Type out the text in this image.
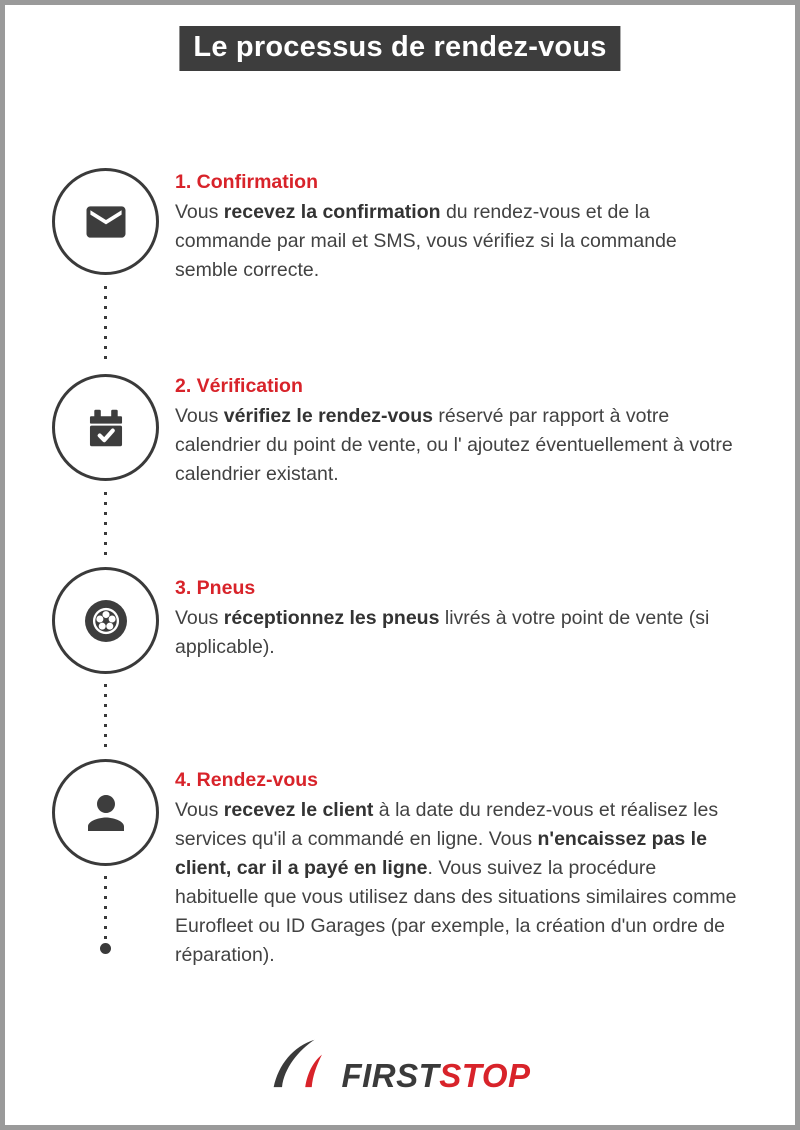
Le processus de rendez-vous
1. Confirmation

Vous recevez la confirmation du rendez-vous et de la commande par mail et SMS, vous vérifiez si la commande semble correcte.

2. Vérification

Vous vérifiez le rendez-vous réservé par rapport à votre calendrier du point de vente, ou l' ajoutez éventuellement à votre calendrier existant.

3. Pneus

Vous réceptionnez les pneus livrés à votre point de vente (si applicable).

4. Rendez-vous

Vous recevez le client à la date du rendez-vous et réalisez les services qu'il a commandé en ligne. Vous n'encaissez pas le client, car il a payé en ligne. Vous suivez la procédure habituelle que vous utilisez dans des situations similaires comme Eurofleet ou ID Garages (par exemple, la création d'un ordre de réparation).

FIRST STOP
